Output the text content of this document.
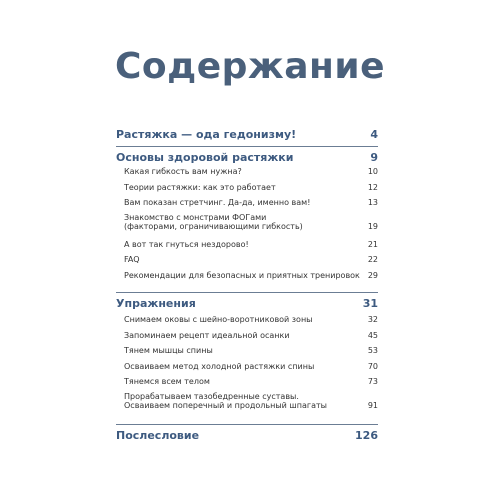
Содержание
Растяжка — ода гедонизму!	4
Основы здоровой растяжки	9
Какая гибкость вам нужна?	10
Теории растяжки: как это работает	12
Вам показан стретчинг. Да-да, именно вам!	13
Знакомство с монстрами ФОГами
(факторами, ограничивающими гибкость)	19
А вот так гнуться нездорово!	21
FAQ	22
Рекомендации для безопасных и приятных тренировок 29
Упражнения	31
Снимаем оковы с шейно-воротниковой зоны	32
Запоминаем рецепт идеальной осанки	45
Тянем мышцы спины	53
Осваиваем метод холодной растяжки спины	70
Тянемся всем телом	73
Прорабатываем тазобедренные суставы.
Осваиваем поперечный и продольный шпагаты	91
Послесловие	126
